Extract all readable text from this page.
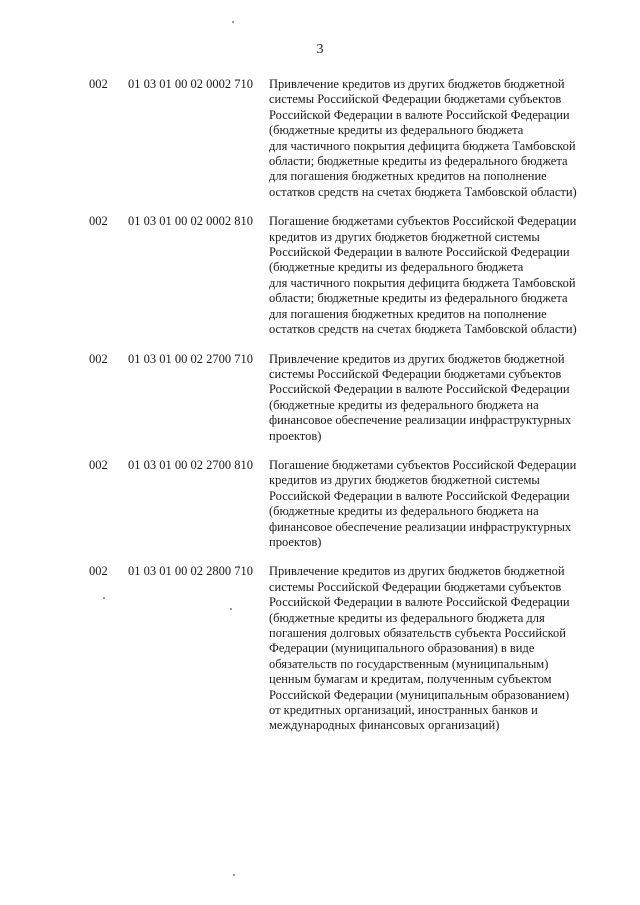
3
002 01 03 01 00 02 0002 710 Привлечение кредитов из других бюджетов бюджетной
системы Российской Федерации бюджетами субъектов
Российской Федерации в валюте Российской Федерации
(бюджетные кредиты из федерального бюджета
для частичного покрытия дефицита бюджета Тамбовской
области; бюджетные кредиты из федерального бюджета
для погашения бюджетных кредитов на пополнение
остатков средств на счетах бюджета Тамбовской области)
002 01 03 01 00 02 0002 810 Погашение бюджетами субъектов Российской Федерации
кредитов из других бюджетов бюджетной системы
Российской Федерации в валюте Российской Федерации
(бюджетные кредиты из федерального бюджета
для частичного покрытия дефицита бюджета Тамбовской
области; бюджетные кредиты из федерального бюджета
для погашения бюджетных кредитов на пополнение
остатков средств на счетах бюджета Тамбовской области)
002 01 03 01 00 02 2700 710 Привлечение кредитов из других бюджетов бюджетной
системы Российской Федерации бюджетами субъектов
Российской Федерации в валюте Российской Федерации
(бюджетные кредиты из федерального бюджета на
финансовое обеспечение реализации инфраструктурных
проектов)
002 01 03 01 00 02 2700 810 Погашение бюджетами субъектов Российской Федерации
кредитов из других бюджетов бюджетной системы
Российской Федерации в валюте Российской Федерации
(бюджетные кредиты из федерального бюджета на
финансовое обеспечение реализации инфраструктурных
проектов)
002 01 03 01 00 02 2800 710 Привлечение кредитов из других бюджетов бюджетной
системы Российской Федерации бюджетами субъектов
Российской Федерации в валюте Российской Федерации
(бюджетные кредиты из федерального бюджета для
погашения долговых обязательств субъекта Российской
Федерации (муниципального образования) в виде
обязательств по государственным (муниципальным)
ценным бумагам и кредитам, полученным субъектом
Российской Федерации (муниципальным образованием)
от кредитных организаций, иностранных банков и
международных финансовых организаций)
